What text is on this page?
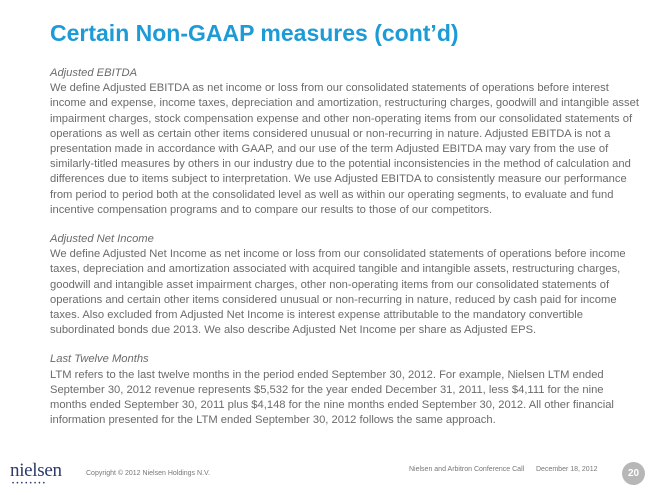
Certain Non-GAAP measures (cont’d)

Adjusted EBITDA

We define Adjusted EBITDA as net income or loss from our consolidated statements of operations before interest income and expense, income taxes, depreciation and amortization, restructuring charges, goodwill and intangible asset impairment charges, stock compensation expense and other non-operating items from our consolidated statements of operations as well as certain other items considered unusual or non-recurring in nature. Adjusted EBITDA is not a presentation made in accordance with GAAP, and our use of the term Adjusted EBITDA may vary from the use of similarly-titled measures by others in our industry due to the potential inconsistencies in the method of calculation and differences due to items subject to interpretation. We use Adjusted EBITDA to consistently measure our performance from period to period both at the consolidated level as well as within our operating segments, to evaluate and fund incentive compensation programs and to compare our results to those of our competitors.

Adjusted Net Income

We define Adjusted Net Income as net income or loss from our consolidated statements of operations before income taxes, depreciation and amortization associated with acquired tangible and intangible assets, restructuring charges, goodwill and intangible asset impairment charges, other non-operating items from our consolidated statements of operations and certain other items considered unusual or non-recurring in nature, reduced by cash paid for income taxes. Also excluded from Adjusted Net Income is interest expense attributable to the mandatory convertible subordinated bonds due 2013. We also describe Adjusted Net Income per share as Adjusted EPS.

Last Twelve Months

LTM refers to the last twelve months in the period ended September 30, 2012. For example, Nielsen LTM ended September 30, 2012 revenue represents $5,532 for the year ended December 31, 2011, less $4,111 for the nine months ended September 30, 2011 plus $4,148 for the nine months ended September 30, 2012. All other financial information presented for the LTM ended September 30, 2012 follows the same approach.

nielsen
••••••••
Copyright © 2012 Nielsen Holdings N.V.
Nielsen and Arbitron Conference Call December 18, 2012	20
